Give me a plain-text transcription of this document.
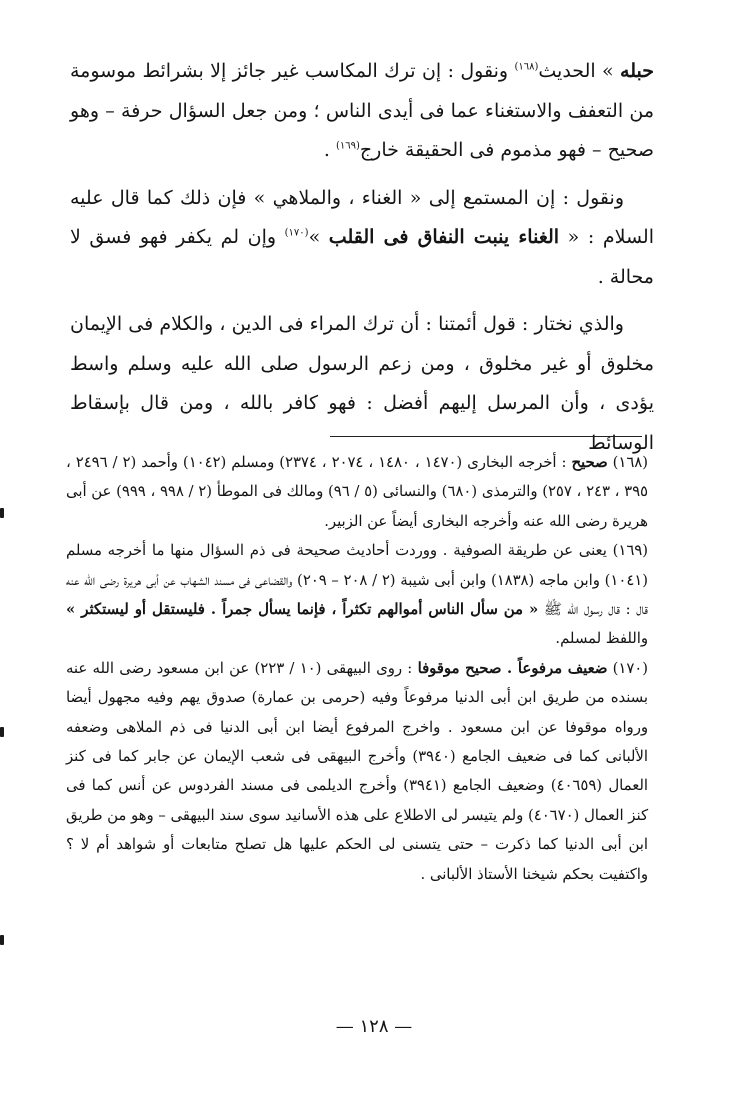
حبله » الحديث$^{(١٦٨)}$ ونقول : إن ترك المكاسب غير جائز إلا بشرائط موسومة من التعفف والاستغناء عما فى أيدى الناس ؛ ومن جعل السؤال حرفة – وهو صحيح – فهو مذموم فى الحقيقة خارج$^{(١٦٩)}$ .

ونقول : إن المستمع إلى « الغناء ، والملاهي » فإن ذلك كما قال عليه السلام : « الغناء ينبت النفاق فى القلب »$^{(١٧٠)}$ وإن لم يكفر فهو فسق لا محالة .

والذي نختار : قول أئمتنا : أن ترك المراء فى الدين ، والكلام فى الإيمان مخلوق أو غير مخلوق ، ومن زعم الرسول صلى الله عليه وسلم واسط يؤدى ، وأن المرسل إليهم أفضل : فهو كافر بالله ، ومن قال بإسقاط الوسائط

(١٦٨) صحيح : أخرجه البخارى (١٤٧٠ ، ١٤٨٠ ، ٢٠٧٤ ، ٢٣٧٤) ومسلم (١٠٤٢) وأحمد (٢ / ٢٤٩٦ ، ٣٩٥ ، ٢٤٣ ، ٢٥٧) والترمذى (٦٨٠) والنسائى (٥ / ٩٦) ومالك فى الموطأ (٢ / ٩٩٨ ، ٩٩٩) عن أبى هريرة رضى الله عنه وأخرجه البخارى أيضاً عن الزبير.

(١٦٩) يعنى عن طريقة الصوفية . ووردت أحاديث صحيحة فى ذم السؤال منها ما أخرجه مسلم (١٠٤١) وابن ماجه (١٨٣٨) وابن أبى شيبة (٢ / ٢٠٨ – ٢٠٩) والقضاعى فى مسند الشهاب عن أبى هريرة رضى الله عنه قال : قال رسول الله ﷺ « من سأل الناس أموالهم تكثراً ، فإنما يسأل جمراً . فليستقل أو ليستكثر » واللفظ لمسلم.

(١٧٠) ضعيف مرفوعاً . صحيح موقوفا : روى البيهقى (١٠ / ٢٢٣) عن ابن مسعود رضى الله عنه بسنده من طريق ابن أبى الدنيا مرفوعاً وفيه (حرمى بن عمارة) صدوق يهم وفيه مجهول أيضا ورواه موقوفا عن ابن مسعود . واخرج المرفوع أيضا ابن أبى الدنيا فى ذم الملاهى وضعفه الألبانى كما فى ضعيف الجامع (٣٩٤٠) وأخرج البيهقى فى شعب الإيمان عن جابر كما فى كنز العمال (٤٠٦٥٩) وضعيف الجامع (٣٩٤١) وأخرج الديلمى فى مسند الفردوس عن أنس كما فى كنز العمال (٤٠٦٧٠) ولم يتيسر لى الاطلاع على هذه الأسانيد سوى سند البيهقى – وهو من طريق ابن أبى الدنيا كما ذكرت – حتى يتسنى لى الحكم عليها هل تصلح متابعات أو شواهد أم لا ؟ واكتفيت بحكم شيخنا الأستاذ الألبانى .

— ١٢٨ —
